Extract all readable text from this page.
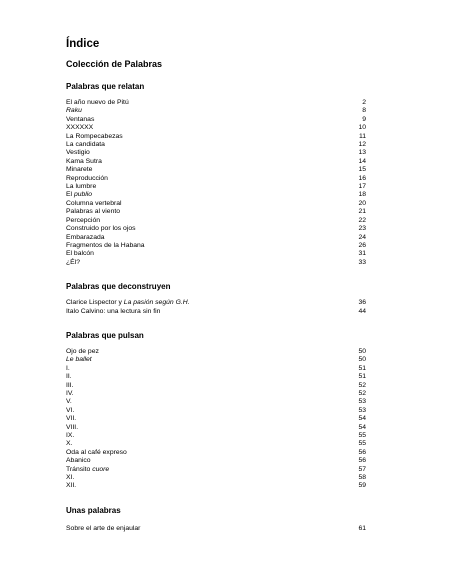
Índice
Colección de Palabras
Palabras que relatan
El año nuevo de Pitú	2
Raku	8
Ventanas	9
XXXXXX	10
La Rompecabezas	11
La candidata	12
Vestigio	13
Kama Sutra	14
Minarete	15
Reproducción	16
La lumbre	17
El publio	18
Columna vertebral	20
Palabras al viento	21
Percepción	22
Construido por los ojos	23
Embarazada	24
Fragmentos de la Habana	26
El balcón	31
¿Él?	33
Palabras que deconstruyen
Clarice Lispector y La pasión según G.H.	36
Italo Calvino: una lectura sin fin	44
Palabras que pulsan
Ojo de pez	50
Le ballet	50
I.	51
II.	51
III.	52
IV.	52
V.	53
VI.	53
VII.	54
VIII.	54
IX.	55
X.	55
Oda al café expreso	56
Abanico	56
Tránsito cuore	57
XI.	58
XII.	59
Unas palabras
Sobre el arte de enjaular	61
